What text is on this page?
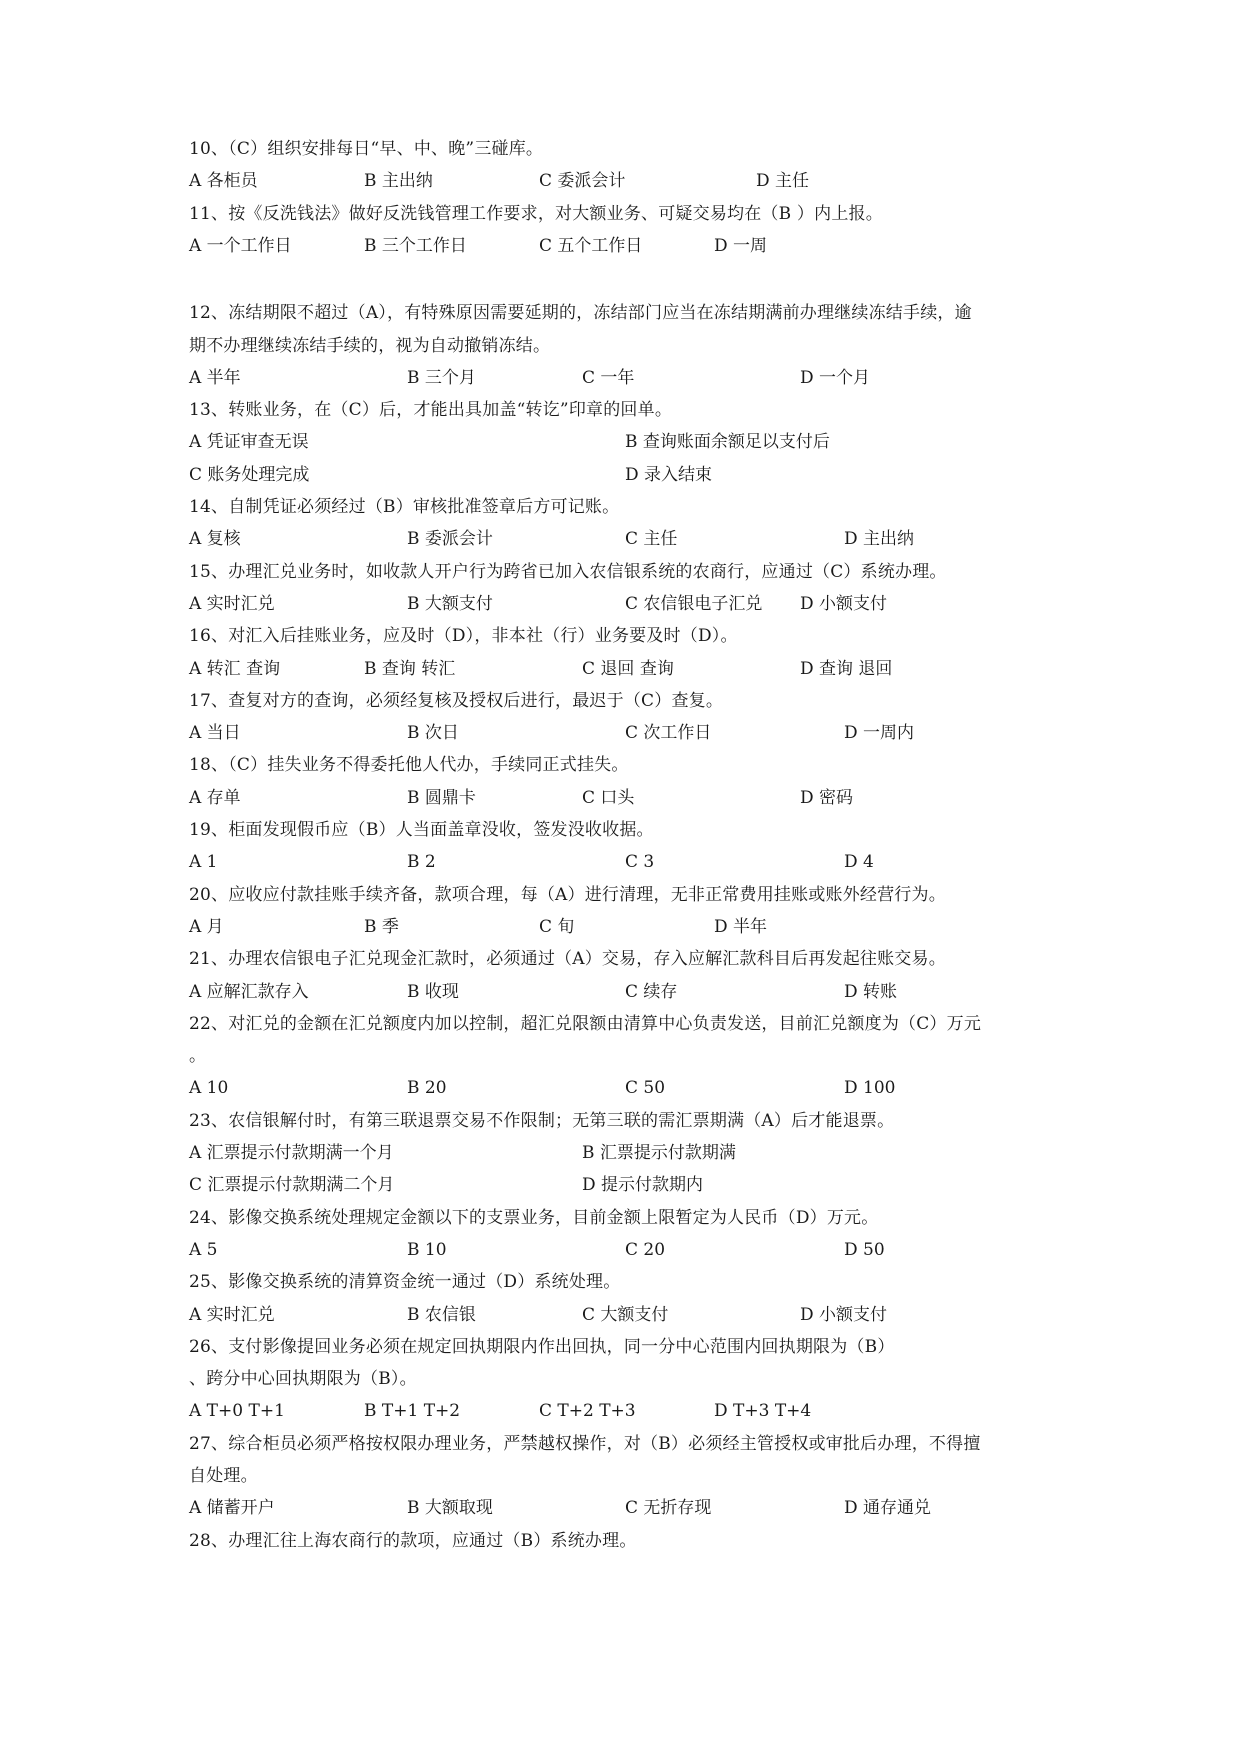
10、（C）组织安排每日“早、中、晚”三碰库。
A 各柜员	B 主出纳	C 委派会计	D 主任
11、按《反洗钱法》做好反洗钱管理工作要求，对大额业务、可疑交易均在（B ）内上报。
A 一个工作日	B 三个工作日	C 五个工作日	D 一周
12、冻结期限不超过（A），有特殊原因需要延期的，冻结部门应当在冻结期满前办理继续冻结手续，逾
期不办理继续冻结手续的，视为自动撤销冻结。
A 半年	B 三个月	C 一年	D 一个月
13、转账业务，在（C）后，才能出具加盖“转讫”印章的回单。
A 凭证审查无误	B 查询账面余额足以支付后
C 账务处理完成	D 录入结束
14、自制凭证必须经过（B）审核批准签章后方可记账。
A 复核	B 委派会计	C 主任	D 主出纳
15、办理汇兑业务时，如收款人开户行为跨省已加入农信银系统的农商行，应通过（C）系统办理。
A 实时汇兑	B 大额支付	C 农信银电子汇兑 D 小额支付
16、对汇入后挂账业务，应及时（D），非本社（行）业务要及时（D）。
A 转汇 查询	B 查询 转汇	C 退回 查询	D 查询 退回
17、查复对方的查询，必须经复核及授权后进行，最迟于（C）查复。
A 当日	B 次日	C 次工作日	D 一周内
18、（C）挂失业务不得委托他人代办，手续同正式挂失。
A 存单	B 圆鼎卡	C 口头	D 密码
19、柜面发现假币应（B）人当面盖章没收，签发没收收据。
A 1	B 2	C 3	D 4
20、应收应付款挂账手续齐备，款项合理，每（A）进行清理，无非正常费用挂账或账外经营行为。
A 月	B 季	C 旬	D 半年
21、办理农信银电子汇兑现金汇款时，必须通过（A）交易，存入应解汇款科目后再发起往账交易。
A 应解汇款存入	B 收现	C 续存	D 转账
22、对汇兑的金额在汇兑额度内加以控制，超汇兑限额由清算中心负责发送，目前汇兑额度为（C）万元
。
A 10	B 20	C 50	D 100
23、农信银解付时，有第三联退票交易不作限制；无第三联的需汇票期满（A）后才能退票。
A 汇票提示付款期满一个月	B 汇票提示付款期满
C 汇票提示付款期满二个月	D 提示付款期内
24、影像交换系统处理规定金额以下的支票业务，目前金额上限暂定为人民币（D）万元。
A 5	B 10	C 20	D 50
25、影像交换系统的清算资金统一通过（D）系统处理。
A 实时汇兑	B 农信银	C 大额支付	D 小额支付
26、支付影像提回业务必须在规定回执期限内作出回执，同一分中心范围内回执期限为（B）
、跨分中心回执期限为（B）。
A T+0 T+1	B T+1 T+2	C T+2 T+3	D T+3 T+4
27、综合柜员必须严格按权限办理业务，严禁越权操作，对（B）必须经主管授权或审批后办理，不得擅
自处理。
A 储蓄开户	B 大额取现	C 无折存现	D 通存通兑
28、办理汇往上海农商行的款项，应通过（B）系统办理。
